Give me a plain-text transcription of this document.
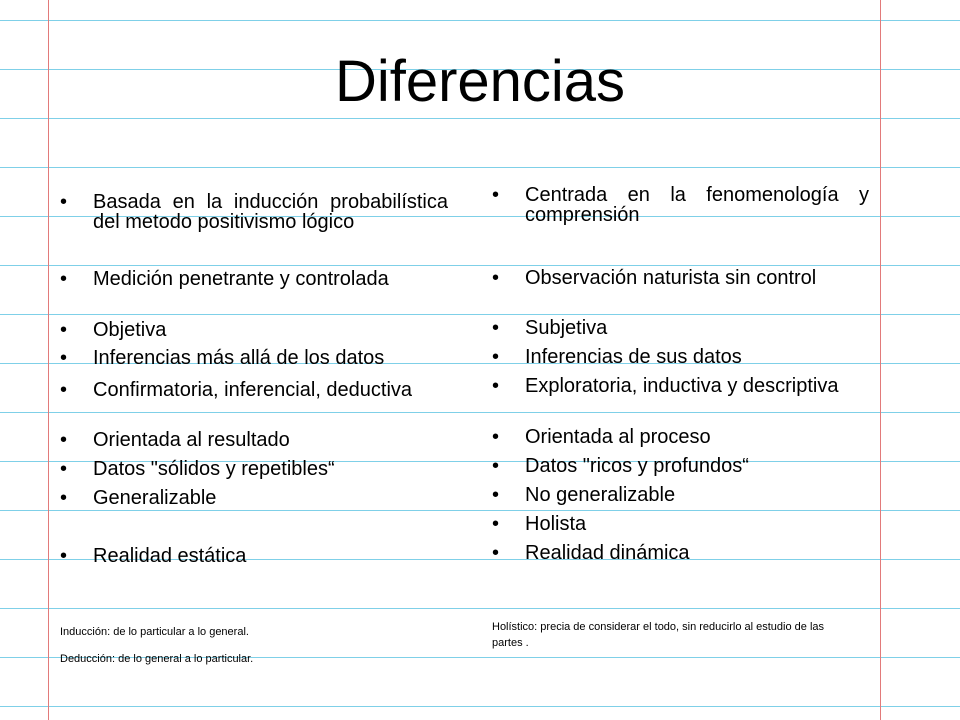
Diferencias
•	Basada en la inducción probabilística del metodo positivismo lógico
•	Medición penetrante y controlada
•	Objetiva
•	Inferencias más allá de los datos
•	Confirmatoria, inferencial, deductiva
•	Orientada al resultado
•	Datos "sólidos y repetibles“
•	Generalizable
•	Realidad estática
•	Centrada en la fenomenología y comprensión
•	Observación naturista sin control
•	Subjetiva
•	Inferencias de sus datos
•	Exploratoria, inductiva y descriptiva
•	Orientada al proceso
•	Datos "ricos y profundos“
•	No generalizable
•	Holista
•	Realidad dinámica
Inducción: de lo particular a lo general.
Deducción: de lo general a lo particular.
Holístico: precia de considerar el todo, sin reducirlo al estudio de las partes .
